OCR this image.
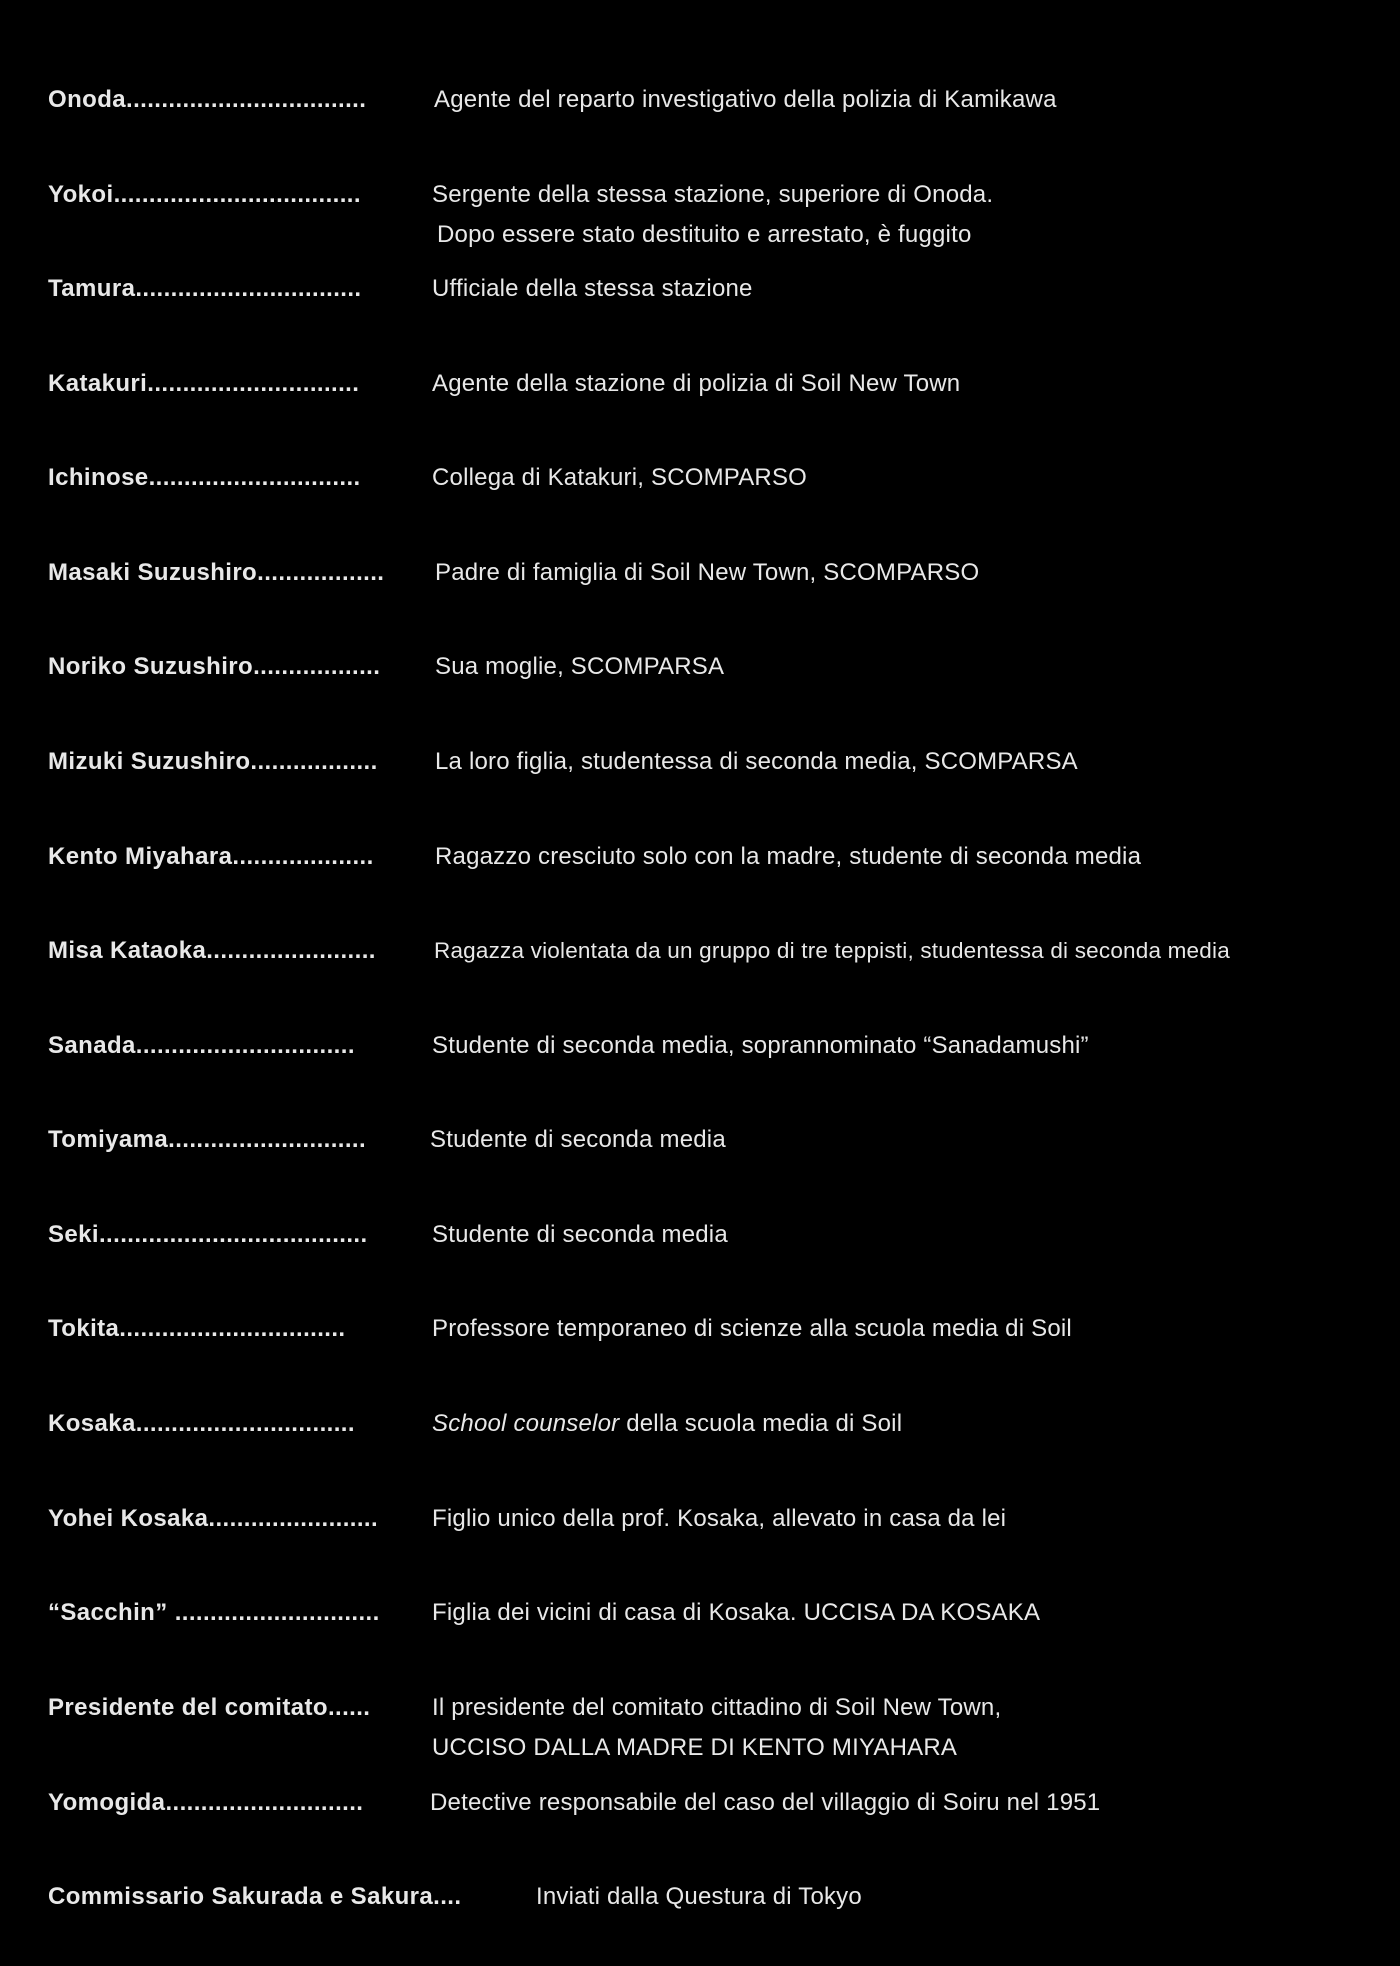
Onoda..................................	Agente del reparto investigativo della polizia di Kamikawa
Yokoi...................................	Sergente della stessa stazione, superiore di Onoda.
Dopo essere stato destituito e arrestato, è fuggito
Tamura................................	Ufficiale della stessa stazione
Katakuri..............................	Agente della stazione di polizia di Soil New Town
Ichinose..............................	Collega di Katakuri, SCOMPARSO
Masaki Suzushiro.................. Padre di famiglia di Soil New Town, SCOMPARSO
Noriko Suzushiro.................. Sua moglie, SCOMPARSA
Mizuki Suzushiro.................. La loro figlia, studentessa di seconda media, SCOMPARSA
Kento Miyahara....................	Ragazzo cresciuto solo con la madre, studente di seconda media
Misa Kataoka........................	Ragazza violentata da un gruppo di tre teppisti, studentessa di seconda media
Sanada...............................	Studente di seconda media, soprannominato “Sanadamushi”
Tomiyama............................	Studente di seconda media
Seki......................................	Studente di seconda media
Tokita................................	Professore temporaneo di scienze alla scuola media di Soil
Kosaka...............................	School counselor della scuola media di Soil
Yohei Kosaka........................ Figlio unico della prof. Kosaka, allevato in casa da lei
“Sacchin” ............................. Figlia dei vicini di casa di Kosaka. UCCISA DA KOSAKA
Presidente del comitato......	Il presidente del comitato cittadino di Soil New Town,
UCCISO DALLA MADRE DI KENTO MIYAHARA
Yomogida............................	Detective responsabile del caso del villaggio di Soiru nel 1951
Commissario Sakurada e Sakura....	Inviati dalla Questura di Tokyo
